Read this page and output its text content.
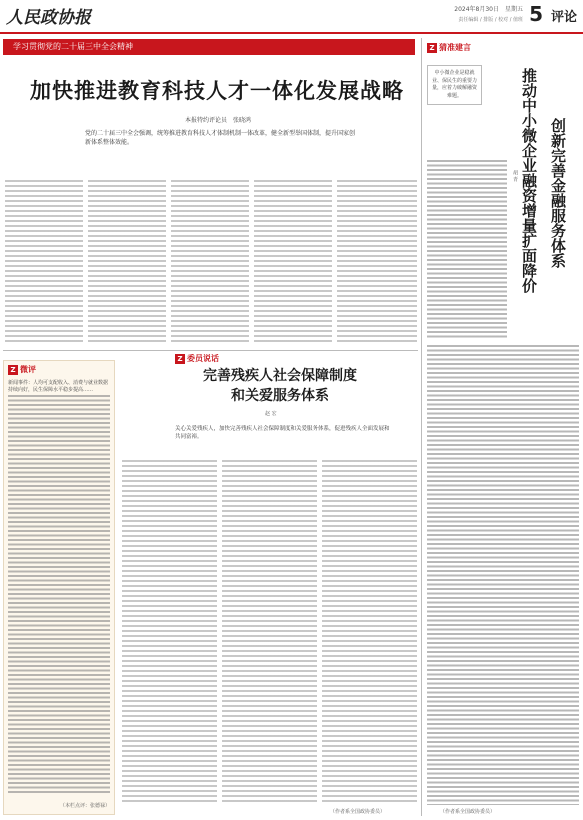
人民政协报	2024年8月30日　星期五
责任编辑 / 排版 / 校对 / 值班 5 评论
学习贯彻党的二十届三中全会精神
加快推进教育科技人才一体化发展战略
本报特约评论员　张晓鸿
党的二十届三中全会强调，统筹推进教育科技人才体制机制一体改革，健全新型举国体制，提升国家创新体系整体效能。
Z 微评
新闻事件：人均可支配收入、消费与就业数据持续向好，民生保障水平稳步提高……
（本栏点评：张德禄）
Z 委员说话
完善残疾人社会保障制度
和关爱服务体系
赵 宏
关心关爱残疾人，加快完善残疾人社会保障制度和关爱服务体系，促进残疾人全面发展和共同富裕。
（作者系全国政协委员）
Z 猜准建言
中小微企业是稳就业、保民生的重要力量，应着力破解融资难题。
创新完善金融服务体系
推动中小微企业融资增量扩面降价
胡 青
（作者系全国政协委员）
